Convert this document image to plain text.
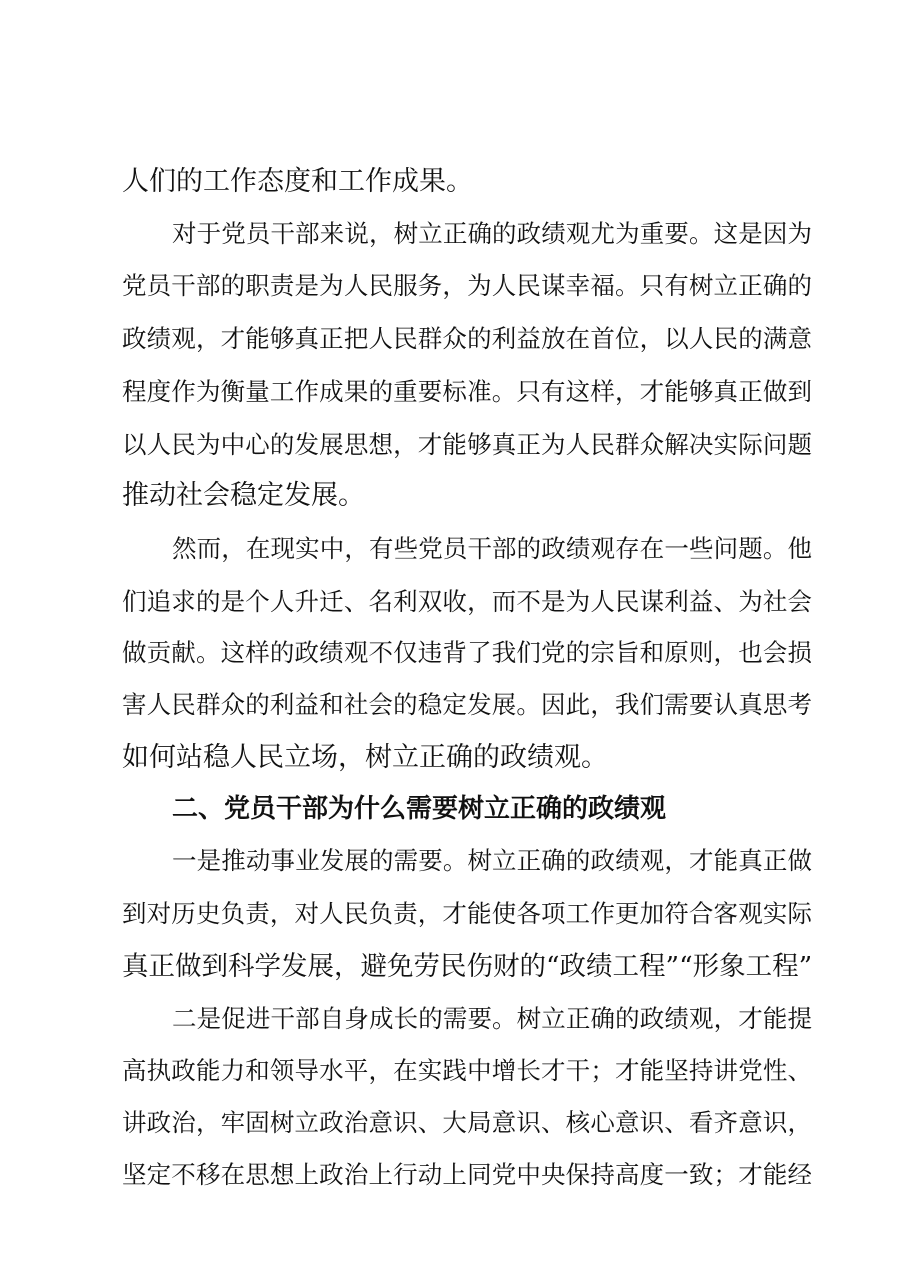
人们的工作态度和工作成果。
对于党员干部来说，树立正确的政绩观尤为重要。这是因为
党员干部的职责是为人民服务，为人民谋幸福。只有树立正确的
政绩观，才能够真正把人民群众的利益放在首位，以人民的满意
程度作为衡量工作成果的重要标准。只有这样，才能够真正做到
以人民为中心的发展思想，才能够真正为人民群众解决实际问题
推动社会稳定发展。
然而，在现实中，有些党员干部的政绩观存在一些问题。他
们追求的是个人升迁、名利双收，而不是为人民谋利益、为社会
做贡献。这样的政绩观不仅违背了我们党的宗旨和原则，也会损
害人民群众的利益和社会的稳定发展。因此，我们需要认真思考
如何站稳人民立场，树立正确的政绩观。
二、党员干部为什么需要树立正确的政绩观
一是推动事业发展的需要。树立正确的政绩观，才能真正做
到对历史负责，对人民负责，才能使各项工作更加符合客观实际
真正做到科学发展，避免劳民伤财的“政绩工程”“形象工程”
二是促进干部自身成长的需要。树立正确的政绩观，才能提
高执政能力和领导水平，在实践中增长才干；才能坚持讲党性、
讲政治，牢固树立政治意识、大局意识、核心意识、看齐意识，
坚定不移在思想上政治上行动上同党中央保持高度一致；才能经
